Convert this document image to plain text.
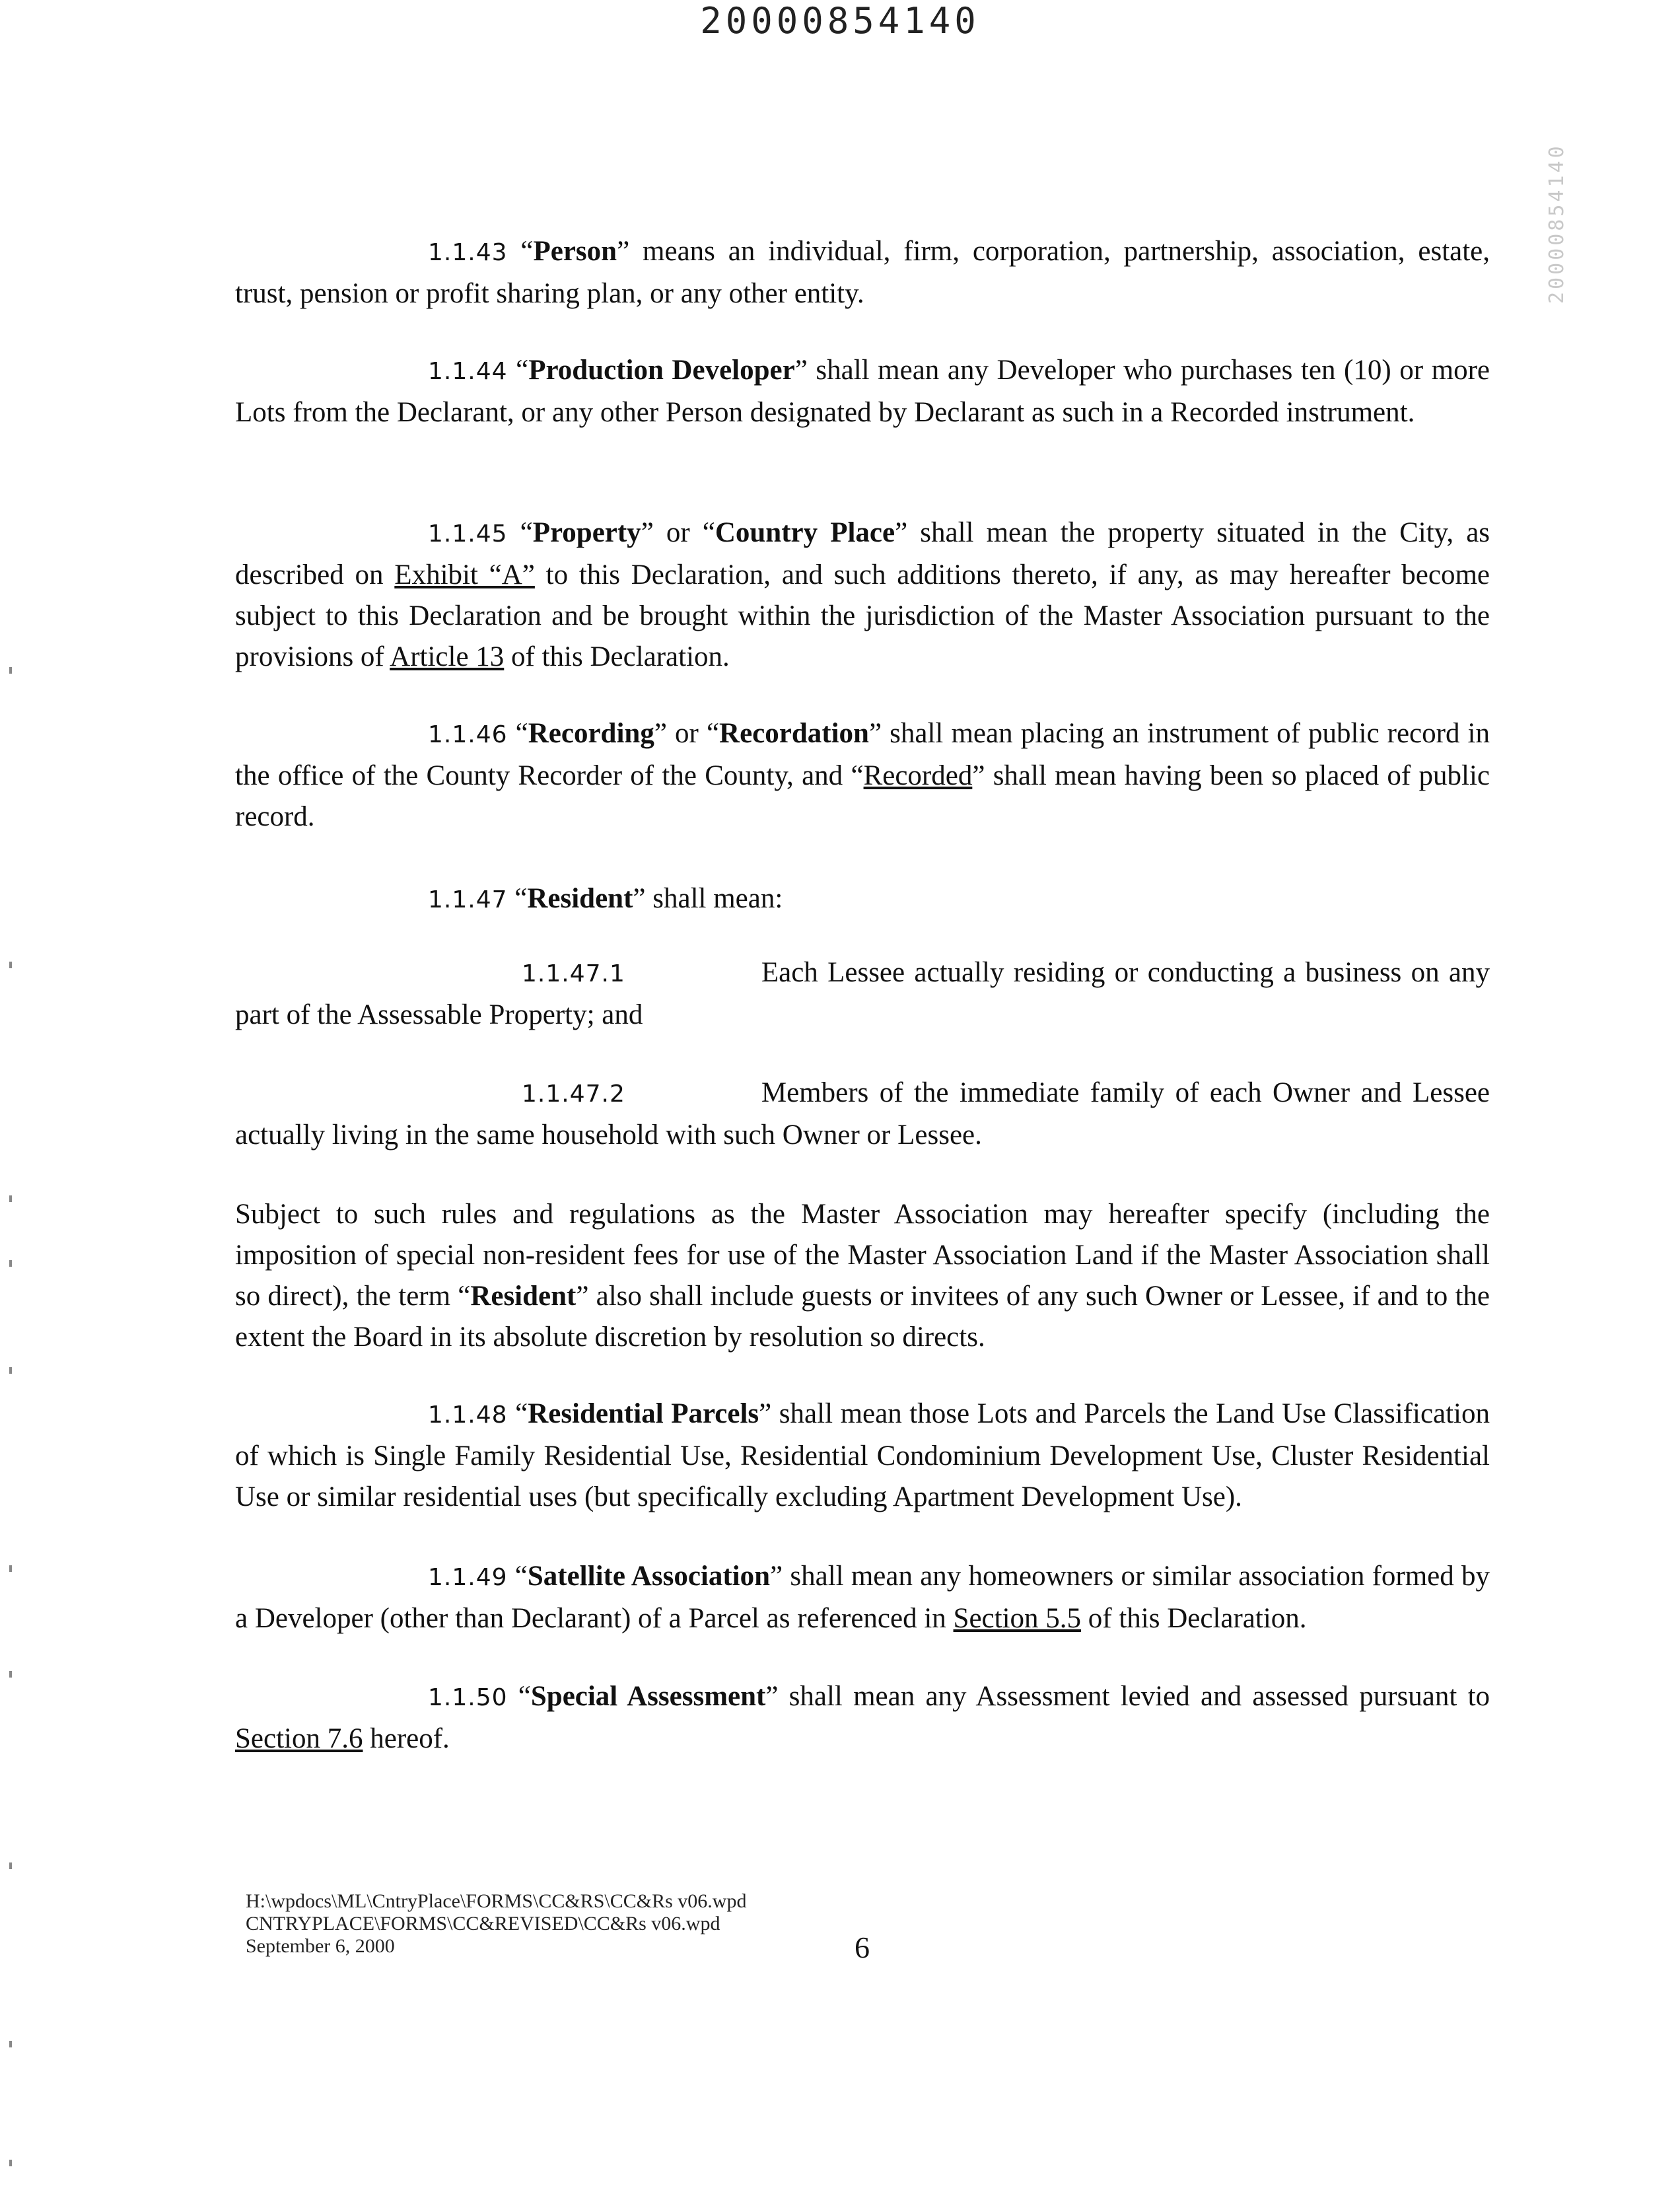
20000854140
20000854140

1.1.43 “Person” means an individual, firm, corporation, partnership, association, estate, trust, pension or profit sharing plan, or any other entity.

1.1.44 “Production Developer” shall mean any Developer who purchases ten (10) or more Lots from the Declarant, or any other Person designated by Declarant as such in a Recorded instrument.

1.1.45 “Property” or “Country Place” shall mean the property situated in the City, as described on Exhibit “A” to this Declaration, and such additions thereto, if any, as may hereafter become subject to this Declaration and be brought within the jurisdiction of the Master Association pursuant to the provisions of Article 13 of this Declaration.

1.1.46 “Recording” or “Recordation” shall mean placing an instrument of public record in the office of the County Recorder of the County, and “Recorded” shall mean having been so placed of public record.

1.1.47 “Resident” shall mean:

1.1.47.1	Each Lessee actually residing or conducting a business on any part of the Assessable Property; and

1.1.47.2	Members of the immediate family of each Owner and Lessee actually living in the same household with such Owner or Lessee.

Subject to such rules and regulations as the Master Association may hereafter specify (including the imposition of special non-resident fees for use of the Master Association Land if the Master Association shall so direct), the term “Resident” also shall include guests or invitees of any such Owner or Lessee, if and to the extent the Board in its absolute discretion by resolution so directs.

1.1.48 “Residential Parcels” shall mean those Lots and Parcels the Land Use Classification of which is Single Family Residential Use, Residential Condominium Development Use, Cluster Residential Use or similar residential uses (but specifically excluding Apartment Development Use).

1.1.49 “Satellite Association” shall mean any homeowners or similar association formed by a Developer (other than Declarant) of a Parcel as referenced in Section 5.5 of this Declaration.

1.1.50 “Special Assessment” shall mean any Assessment levied and assessed pursuant to Section 7.6 hereof.

H:\wpdocs\ML\CntryPlace\FORMS\CC&RS\CC&Rs v06.wpd
CNTRYPLACE\FORMS\CC&REVISED\CC&Rs v06.wpd
September 6, 2000	6
